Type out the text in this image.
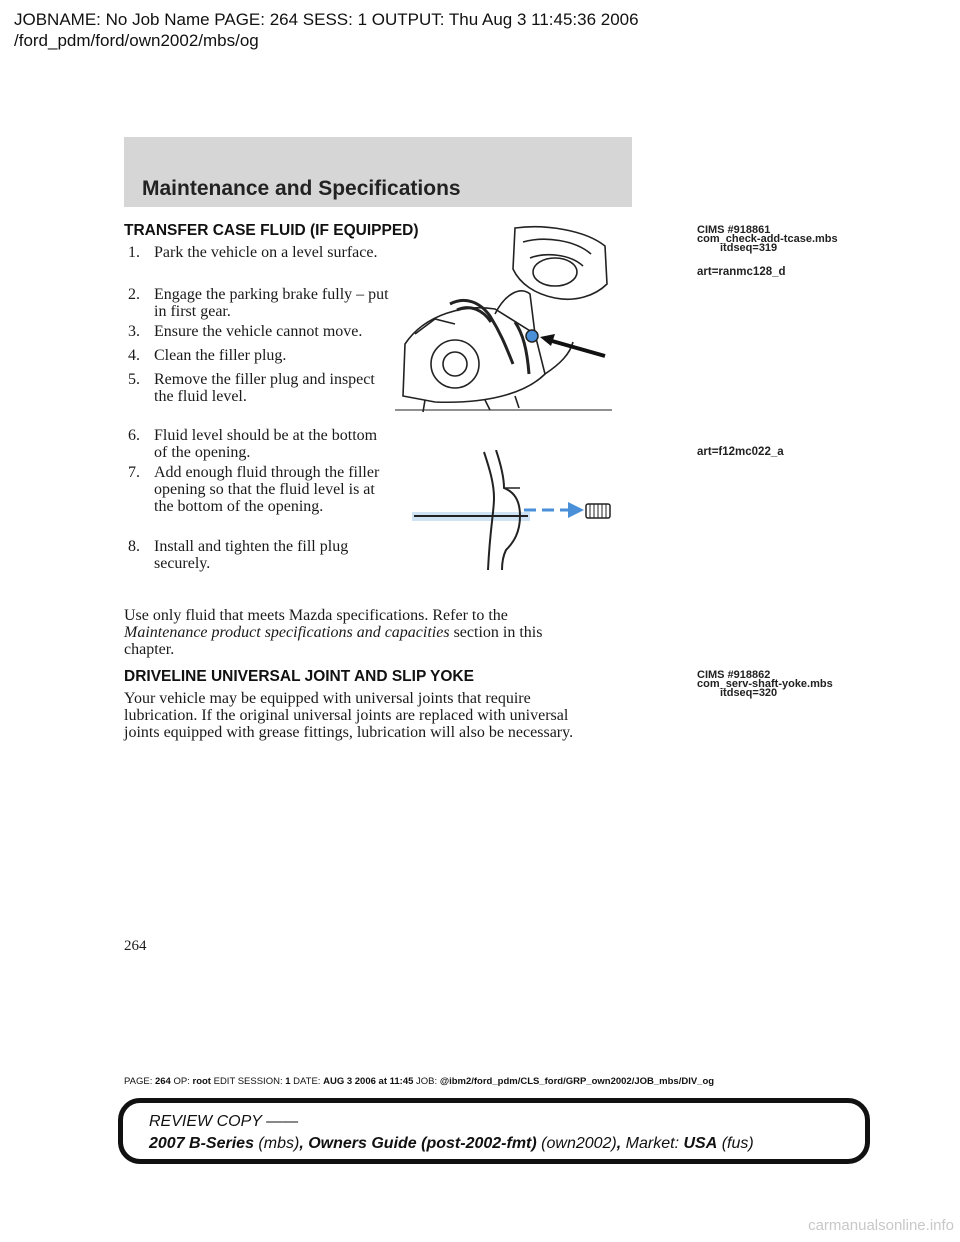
JOBNAME: No Job Name PAGE: 264 SESS: 1 OUTPUT: Thu Aug 3 11:45:36 2006
/ford_pdm/ford/own2002/mbs/og
Maintenance and Specifications
TRANSFER CASE FLUID (IF EQUIPPED)
1. Park the vehicle on a level surface.
2. Engage the parking brake fully – put in first gear.
3. Ensure the vehicle cannot move.
4. Clean the filler plug.
5. Remove the filler plug and inspect the fluid level.
6. Fluid level should be at the bottom of the opening.
7. Add enough fluid through the filler opening so that the fluid level is at the bottom of the opening.
8. Install and tighten the fill plug securely.
Use only fluid that meets Mazda specifications. Refer to the
Maintenance product specifications and capacities section in this
chapter.
DRIVELINE UNIVERSAL JOINT AND SLIP YOKE
Your vehicle may be equipped with universal joints that require
lubrication. If the original universal joints are replaced with universal
joints equipped with grease fittings, lubrication will also be necessary.
CIMS #918861
com_check-add-tcase.mbs
itdseq=319
art=ranmc128_d
art=f12mc022_a
CIMS #918862
com_serv-shaft-yoke.mbs
itdseq=320
264
PAGE: 264 OP: root EDIT SESSION: 1 DATE: AUG 3 2006 at 11:45 JOB: @ibm2/ford_pdm/CLS_ford/GRP_own2002/JOB_mbs/DIV_og
REVIEW COPY ——
2007 B-Series (mbs), Owners Guide (post-2002-fmt) (own2002), Market: USA (fus)
carmanualsonline.info
